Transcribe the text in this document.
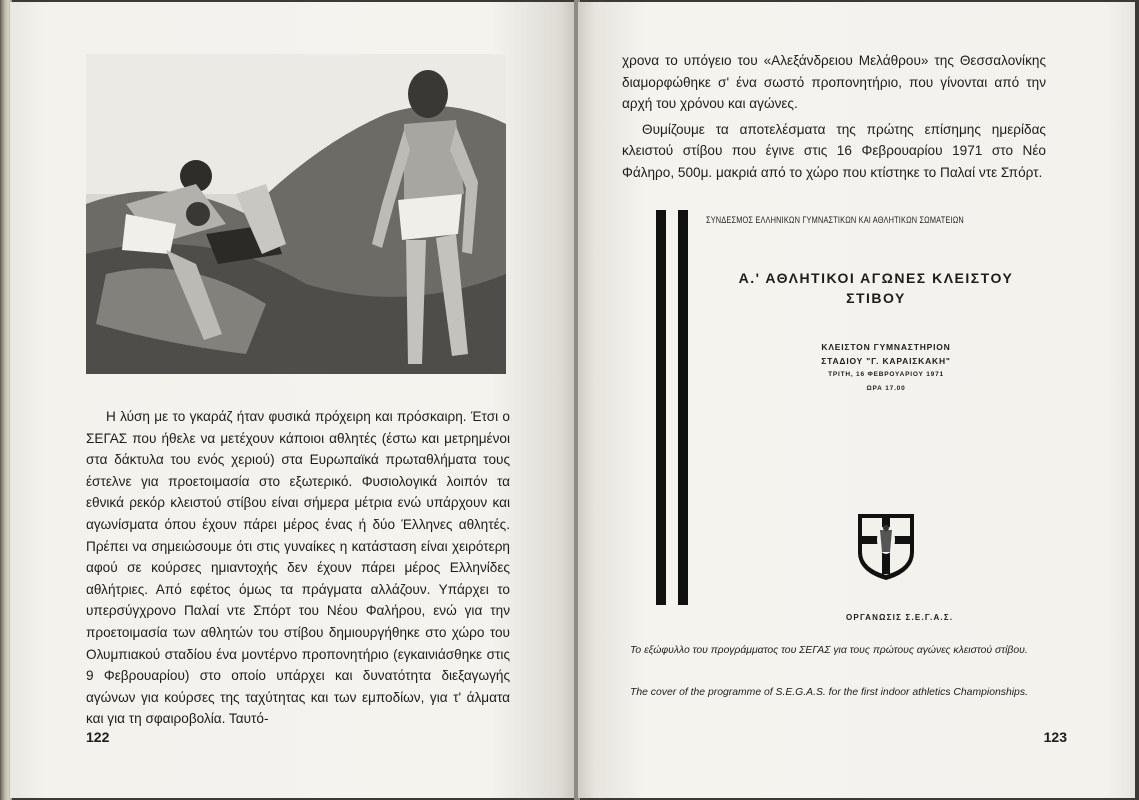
Η λύση με το γκαράζ ήταν φυσικά πρόχειρη και πρόσκαιρη. Έτσι ο ΣΕΓΑΣ που ήθελε να μετέχουν κάποιοι αθλητές (έστω και μετρημένοι στα δάκτυλα του ενός χεριού) στα Ευρωπαϊκά πρωταθλήματα τους έστελνε για προετοιμασία στο εξωτερικό. Φυσιολογικά λοιπόν τα εθνικά ρεκόρ κλειστού στίβου είναι σήμερα μέτρια ενώ υπάρχουν και αγωνίσματα όπου έχουν πάρει μέρος ένας ή δύο Έλληνες αθλητές. Πρέπει να σημειώσουμε ότι στις γυναίκες η κατάσταση είναι χειρότερη αφού σε κούρσες ημιαντοχής δεν έχουν πάρει μέρος Ελληνίδες αθλήτριες. Από εφέτος όμως τα πράγματα αλλάζουν. Υπάρχει το υπερσύγχρονο Παλαί ντε Σπόρτ του Νέου Φαλήρου, ενώ για την προετοιμασία των αθλητών του στίβου δημιουργήθηκε στο χώρο του Ολυμπιακού σταδίου ένα μοντέρνο προπονητήριο (εγκαινιάσθηκε στις 9 Φεβρουαρίου) στο οποίο υπάρχει και δυνατότητα διεξαγωγής αγώνων για κούρσες της ταχύτητας και των εμποδίων, για τ' άλματα και για τη σφαιροβολία. Ταυτό-

122

χρονα το υπόγειο του «Αλεξάνδρειου Μελάθρου» της Θεσσαλονίκης διαμορφώθηκε σ' ένα σωστό προπονητήριο, που γίνονται από την αρχή του χρόνου και αγώνες.

Θυμίζουμε τα αποτελέσματα της πρώτης επίσημης ημερίδας κλειστού στίβου που έγινε στις 16 Φεβρουαρίου 1971 στο Νέο Φάληρο, 500μ. μακριά από το χώρο που κτίστηκε το Παλαί ντε Σπόρτ.

ΣΥΝΔΕΣΜΟΣ ΕΛΛΗΝΙΚΩΝ ΓΥΜΝΑΣΤΙΚΩΝ ΚΑΙ ΑΘΛΗΤΙΚΩΝ ΣΩΜΑΤΕΙΩΝ
Α.' ΑΘΛΗΤΙΚΟΙ ΑΓΩΝΕΣ ΚΛΕΙΣΤΟΥ
ΣΤΙΒΟΥ
ΚΛΕΙΣΤΟΝ ΓΥΜΝΑΣΤΗΡΙΟΝ
ΣΤΑΔΙΟΥ "Γ. ΚΑΡΑΙΣΚΑΚΗ"
ΤΡΙΤΗ, 16 ΦΕΒΡΟΥΑΡΙΟΥ 1971
ΩΡΑ 17.00
ΟΡΓΑΝΩΣΙΣ Σ.Ε.Γ.Α.Σ.
Το εξώφυλλο του προγράμματος του ΣΕΓΑΣ για τους πρώτους αγώνες κλειστού στίβου.
The cover of the programme of S.E.G.A.S. for the first indoor athletics Championships.
123
